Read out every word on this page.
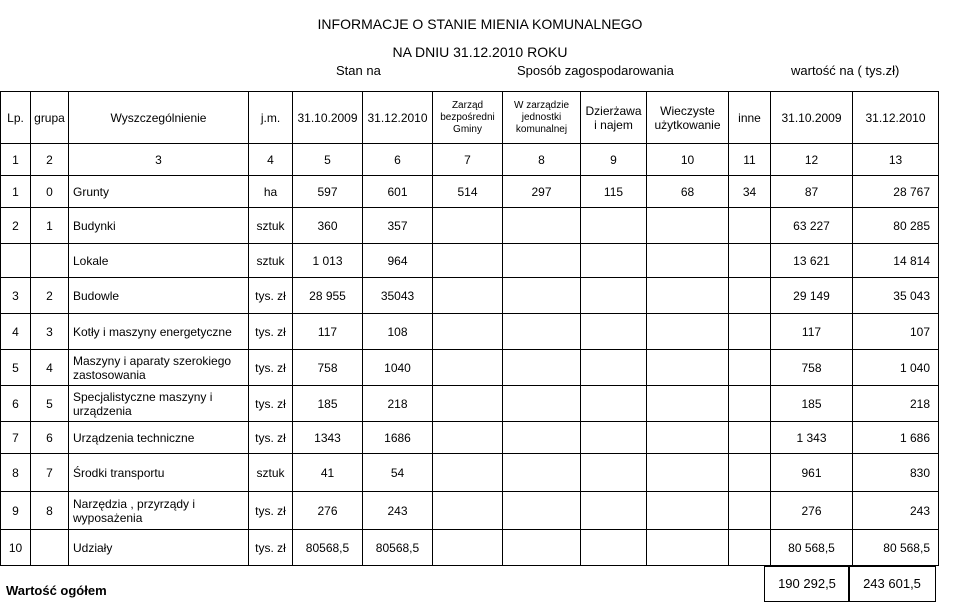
INFORMACJE O STANIE MIENIA KOMUNALNEGO
NA DNIU 31.12.2010 ROKU
Stan na	Sposób zagospodarowania	wartość na ( tys.zł)
Lp.	grupa	Wyszczególnienie	j.m.	31.10.2009	31.12.2010	Zarząd bezpośredni Gminy	W zarządzie jednostki komunalnej	Dzierżawa i najem	Wieczyste użytkowanie	inne	31.10.2009	31.12.2010
1	2	3	4	5	6	7	8	9	10	11	12	13
1	0	Grunty	ha	597	601	514	297	115	68	34	87	28 767
2	1	Budynki	sztuk	360	357						63 227	80 285
		Lokale	sztuk	1 013	964						13 621	14 814
3	2	Budowle	tys. zł	28 955	35043						29 149	35 043
4	3	Kotły i maszyny energetyczne	tys. zł	117	108						117	107
5	4	Maszyny i aparaty szerokiego zastosowania	tys. zł	758	1040						758	1 040
6	5	Specjalistyczne maszyny i urządzenia	tys. zł	185	218						185	218
7	6	Urządzenia techniczne	tys. zł	1343	1686						1 343	1 686
8	7	Środki transportu	sztuk	41	54						961	830
9	8	Narzędzia , przyrządy i wyposażenia	tys. zł	276	243						276	243
10		Udziały	tys. zł	80568,5	80568,5						80 568,5	80 568,5
Wartość ogółem	190 292,5	243 601,5
